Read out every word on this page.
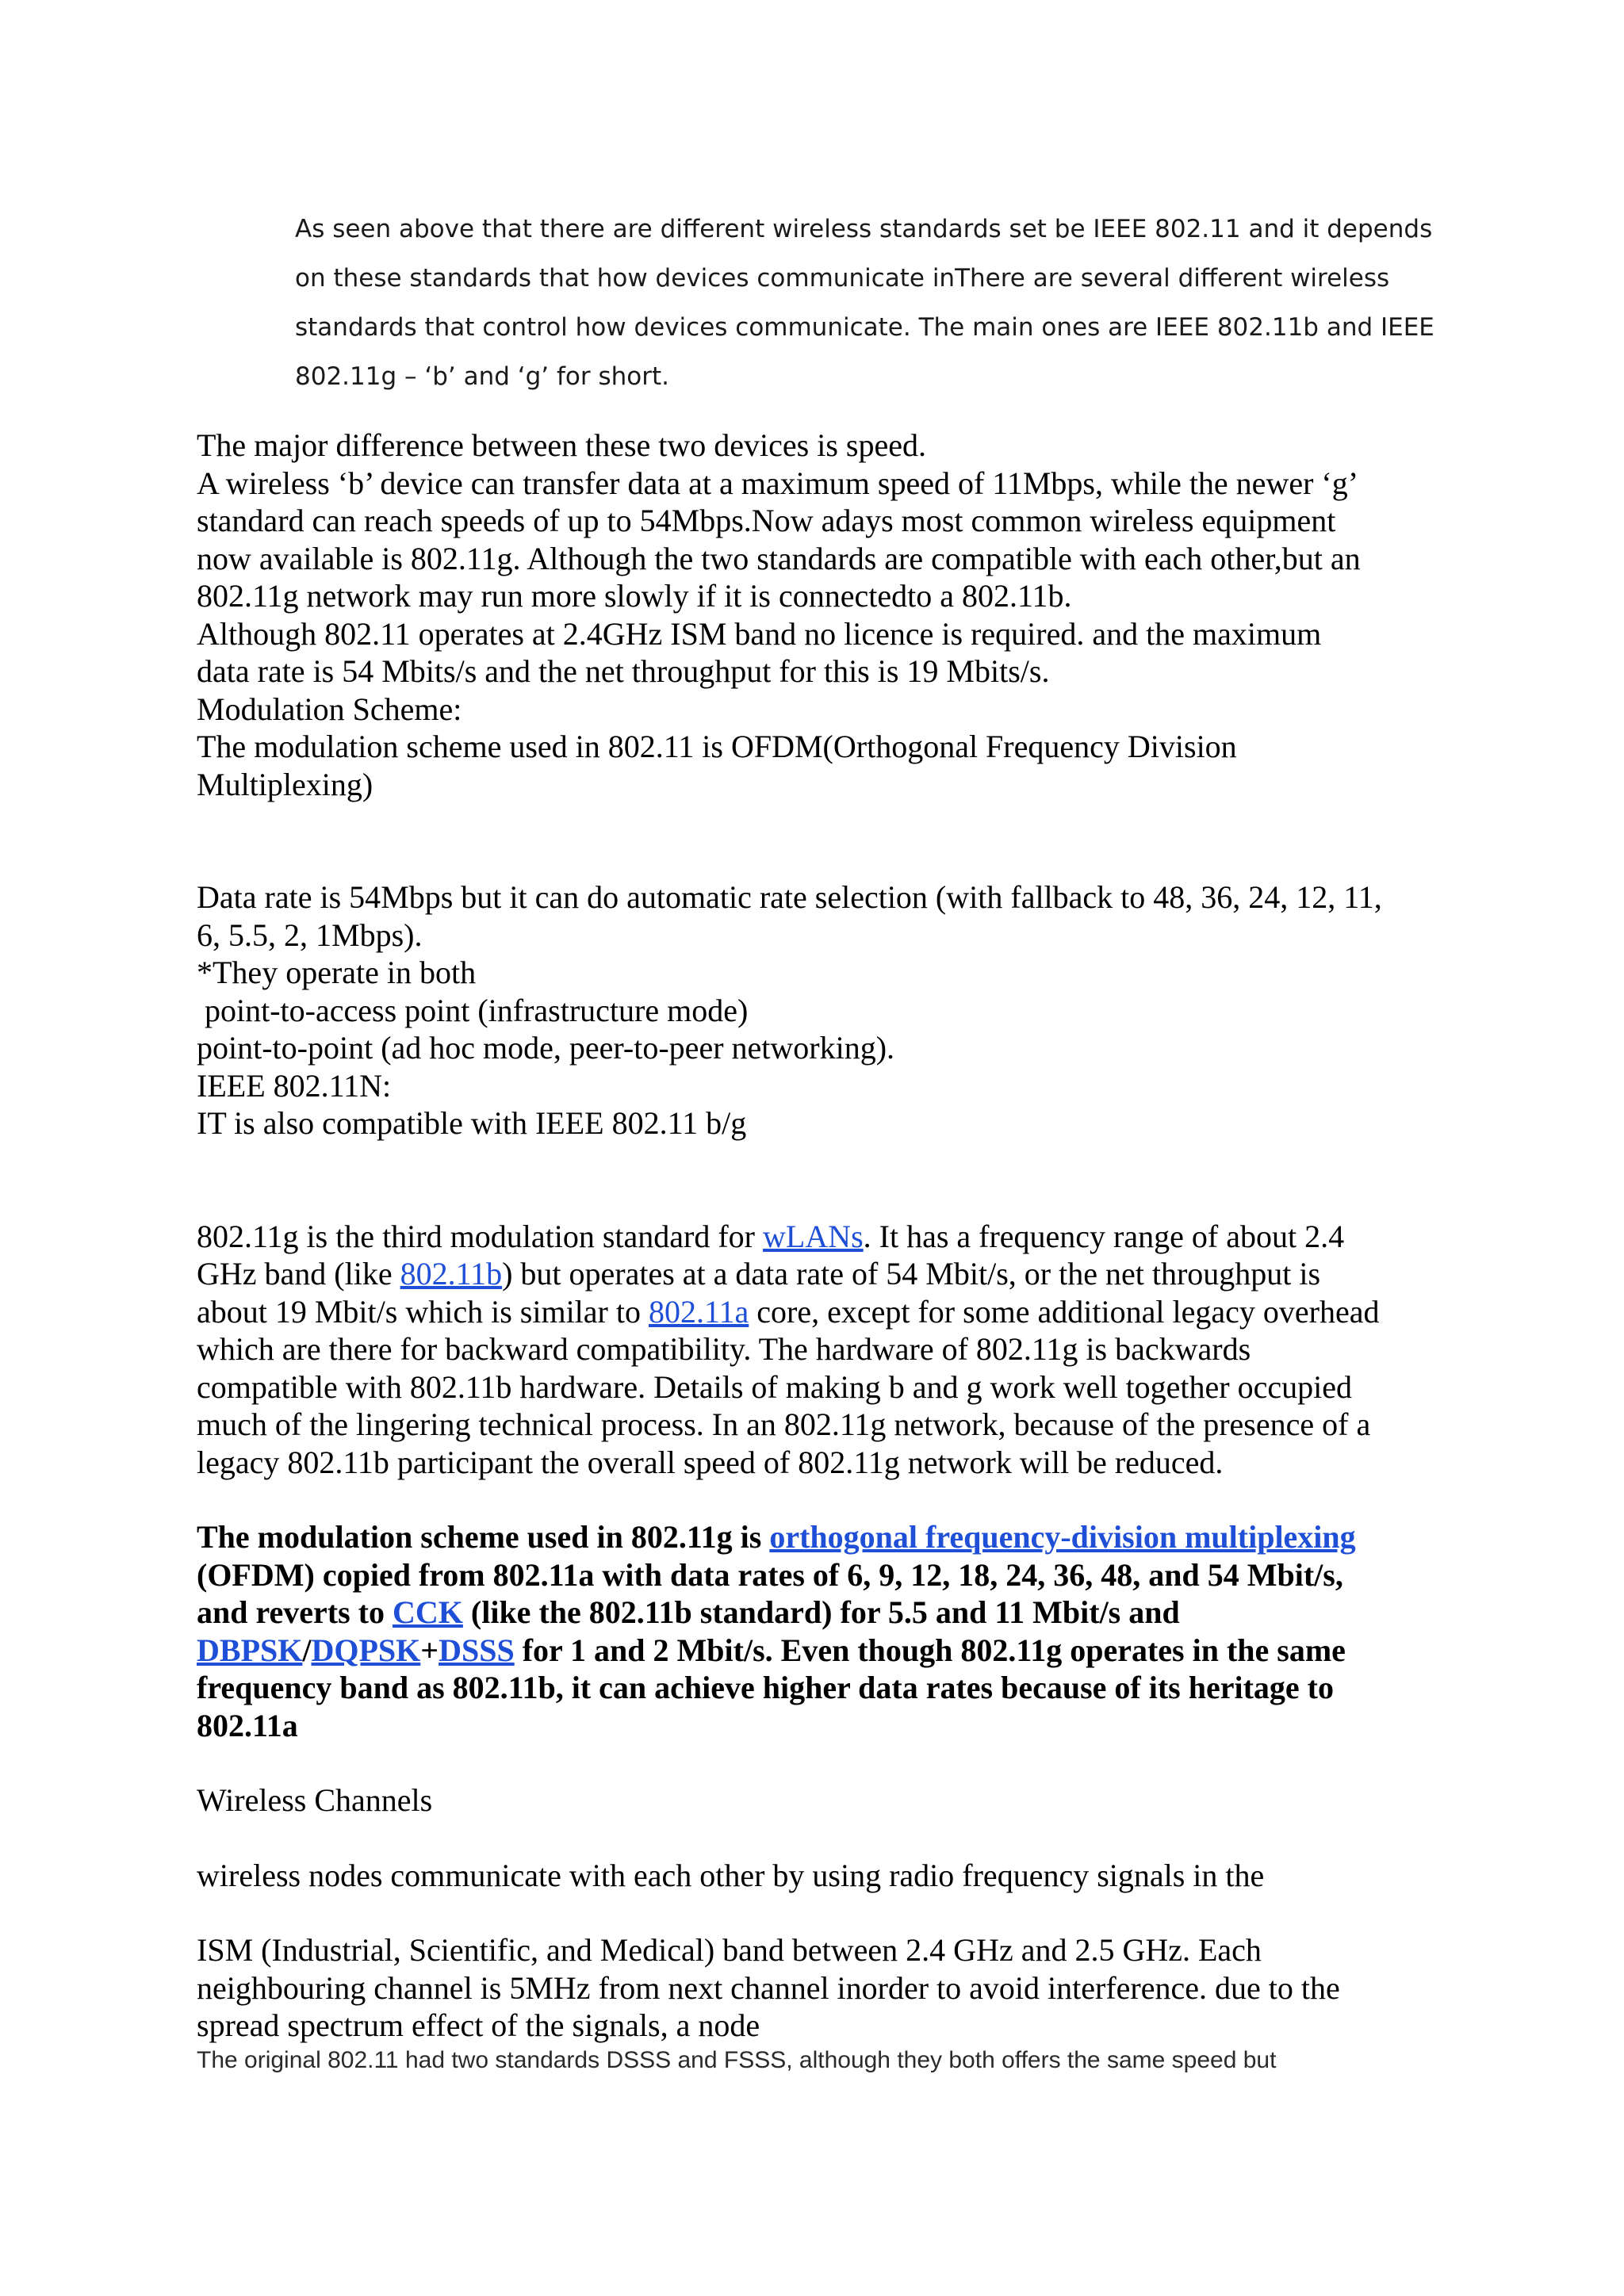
As seen above that there are different wireless standards set be IEEE 802.11 and it depends

on these standards that how devices communicate inThere are several different wireless

standards that control how devices communicate. The main ones are IEEE 802.11b and IEEE

802.11g – ‘b’ and ‘g’ for short.

The major difference between these two devices is speed.

A wireless ‘b’ device can transfer data at a maximum speed of 11Mbps, while the newer ‘g’

standard can reach speeds of up to 54Mbps.Now adays most common wireless equipment

now available is 802.11g. Although the two standards are compatible with each other,but an

802.11g network may run more slowly if it is connectedto a 802.11b.

Although 802.11 operates at 2.4GHz ISM band no licence is required. and the maximum

data rate is 54 Mbits/s and the net throughput for this is 19 Mbits/s.

Modulation Scheme:

The modulation scheme used in 802.11 is OFDM(Orthogonal Frequency Division

Multiplexing)

Data rate is 54Mbps but it can do automatic rate selection (with fallback to 48, 36, 24, 12, 11,

6, 5.5, 2, 1Mbps).

*They operate in both

point-to-access point (infrastructure mode)

point-to-point (ad hoc mode, peer-to-peer networking).

IEEE 802.11N:

IT is also compatible with IEEE 802.11 b/g

802.11g is the third modulation standard for wLANs. It has a frequency range of about 2.4

GHz band (like 802.11b) but operates at a data rate of 54 Mbit/s, or the net throughput is

about 19 Mbit/s which is similar to 802.11a core, except for some additional legacy overhead

which are there for backward compatibility. The hardware of 802.11g is backwards

compatible with 802.11b hardware. Details of making b and g work well together occupied

much of the lingering technical process. In an 802.11g network, because of the presence of a

legacy 802.11b participant the overall speed of 802.11g network will be reduced.

The modulation scheme used in 802.11g is orthogonal frequency-division multiplexing

(OFDM) copied from 802.11a with data rates of 6, 9, 12, 18, 24, 36, 48, and 54 Mbit/s,

and reverts to CCK (like the 802.11b standard) for 5.5 and 11 Mbit/s and

DBPSK/DQPSK+DSSS for 1 and 2 Mbit/s. Even though 802.11g operates in the same

frequency band as 802.11b, it can achieve higher data rates because of its heritage to

802.11a

Wireless Channels

wireless nodes communicate with each other by using radio frequency signals in the

ISM (Industrial, Scientific, and Medical) band between 2.4 GHz and 2.5 GHz. Each

neighbouring channel is 5MHz from next channel inorder to avoid interference. due to the

spread spectrum effect of the signals, a node

The original 802.11 had two standards DSSS and FSSS, although they both offers the same speed but
